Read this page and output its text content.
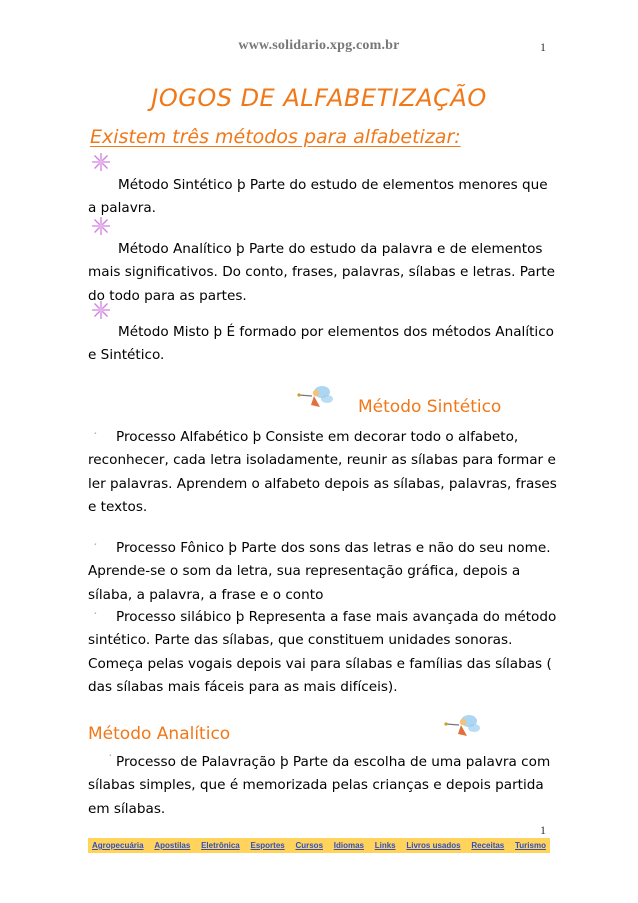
www.solidario.xpg.com.br	1
JOGOS DE ALFABETIZAÇÃO
Existem três métodos para alfabetizar:
Método Sintético þ Parte do estudo de elementos menores que a palavra.
Método Analítico þ Parte do estudo da palavra e de elementos mais significativos. Do conto, frases, palavras, sílabas e letras. Parte do todo para as partes.
Método Misto þ É formado por elementos dos métodos Analítico e Sintético.
Método Sintético
ˊ	Processo Alfabético þ Consiste em decorar todo o alfabeto, reconhecer, cada letra isoladamente, reunir as sílabas para formar e ler palavras. Aprendem o alfabeto depois as sílabas, palavras, frases e textos.
ˊ	Processo Fônico þ Parte dos sons das letras e não do seu nome. Aprende-se o som da letra, sua representação gráfica, depois a sílaba, a palavra, a frase e o conto
ˊ	Processo silábico þ Representa a fase mais avançada do método sintético. Parte das sílabas, que constituem unidades sonoras. Começa pelas vogais depois vai para sílabas e famílias das sílabas ( das sílabas mais fáceis para as mais difíceis).
Método Analítico
ˊ Processo de Palavração þ Parte da escolha de uma palavra com sílabas simples, que é memorizada pelas crianças e depois partida em sílabas.
1
Agropecuária Apostilas Eletrônica Esportes Cursos Idiomas Links Livros usados Receitas Turismo
